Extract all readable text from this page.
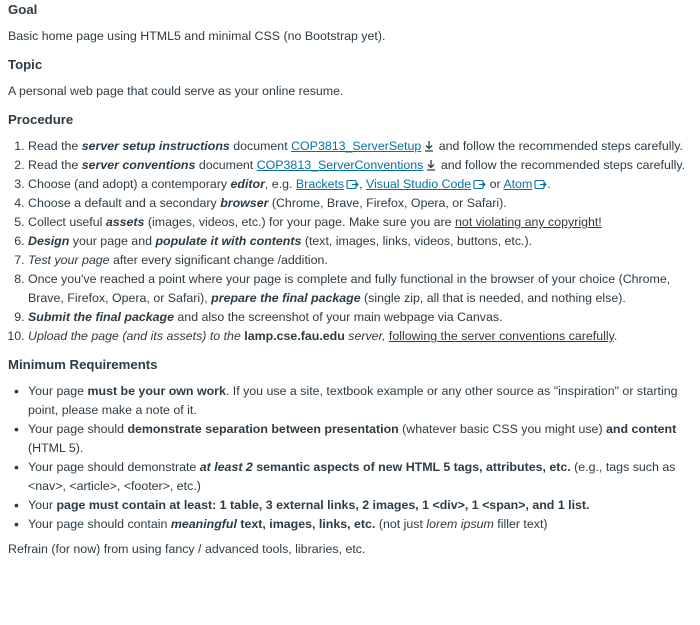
Goal

Basic home page using HTML5 and minimal CSS (no Bootstrap yet).

Topic

A personal web page that could serve as your online resume.

Procedure
1. Read the server setup instructions document COP3813_ServerSetup
and follow the recommended steps carefully.
2. Read the server conventions document COP3813_ServerConventions
and follow the recommended steps carefully.
3. Choose (and adopt) a contemporary editor, e.g. Brackets , Visual Studio Code
or Atom .
4. Choose a default and a secondary browser (Chrome, Brave, Firefox, Opera, or Safari).
5. Collect useful assets (images, videos, etc.) for your page. Make sure you are not violating any copyright!
6. Design your page and populate it with contents (text, images, links, videos, buttons, etc.).
7. Test your page after every significant change /addition.
8. Once you've reached a point where your page is complete and fully functional in the browser of your choice (Chrome, Brave, Firefox, Opera, or Safari), prepare the final package (single zip, all that is needed, and nothing else).
9. Submit the final package and also the screenshot of your main webpage via Canvas.
10. Upload the page (and its assets) to the lamp.cse.fau.edu server, following the server conventions carefully.
Minimum Requirements
• Your page must be your own work. If you use a site, textbook example or any other source as "inspiration" or starting point, please make a note of it.
• Your page should demonstrate separation between presentation (whatever basic CSS you might use) and content (HTML 5).
• Your page should demonstrate at least 2 semantic aspects of new HTML 5 tags, attributes, etc. (e.g., tags such as <nav>, <article>, <footer>, etc.)
• Your page must contain at least: 1 table, 3 external links, 2 images, 1 <div>, 1 <span>, and 1 list.
• Your page should contain meaningful text, images, links, etc. (not just lorem ipsum filler text)

Refrain (for now) from using fancy / advanced tools, libraries, etc.
